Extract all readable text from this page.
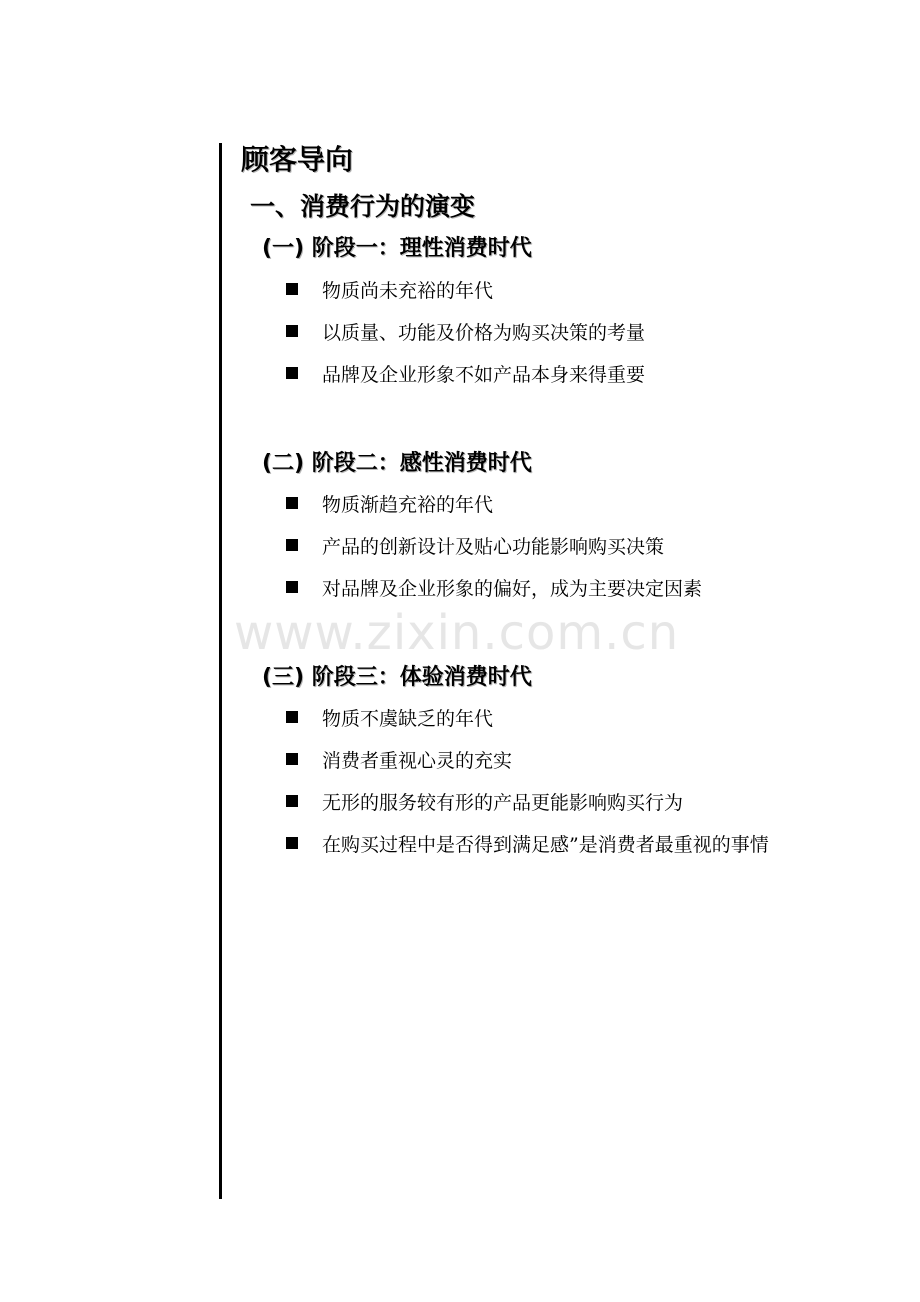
顾客导向
一、消费行为的演变
(一) 阶段一：理性消费时代
物质尚未充裕的年代
以质量、功能及价格为购买决策的考量
品牌及企业形象不如产品本身来得重要
(二) 阶段二：感性消费时代
物质渐趋充裕的年代
产品的创新设计及贴心功能影响购买决策
对品牌及企业形象的偏好，成为主要决定因素
www.zixin.com.cn
(三) 阶段三：体验消费时代
物质不虞缺乏的年代
消费者重视心灵的充实
无形的服务较有形的产品更能影响购买行为
在购买过程中是否得到满足感”是消费者最重视的事情
